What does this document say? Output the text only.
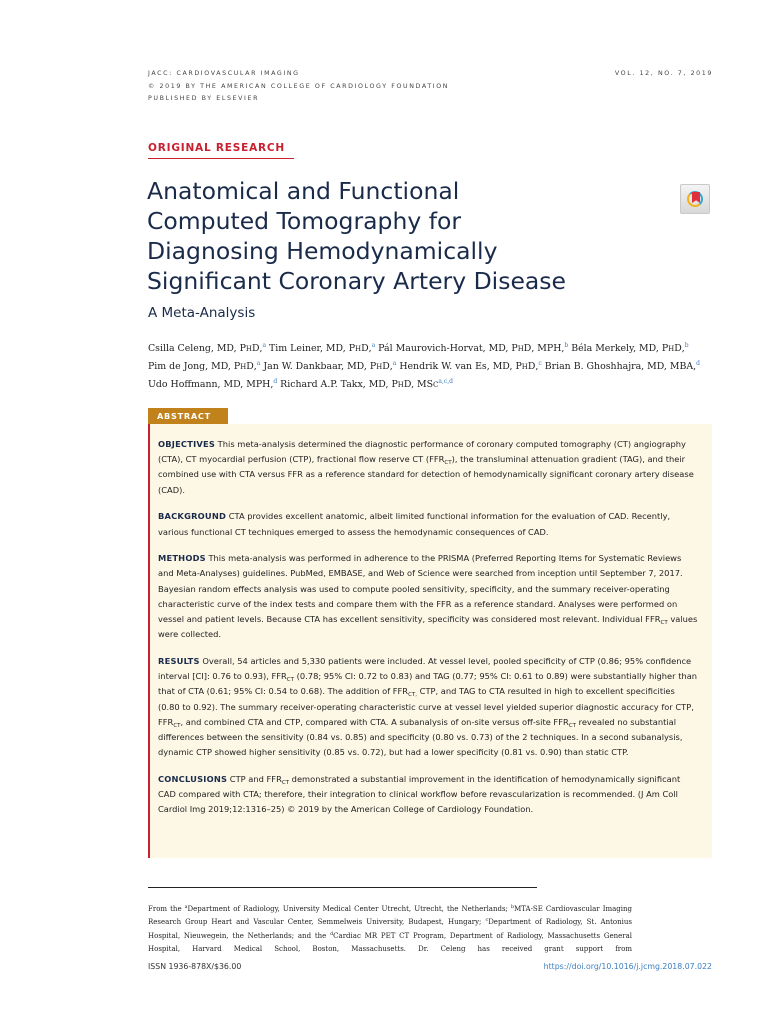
JACC: CARDIOVASCULAR IMAGING
© 2019 BY THE AMERICAN COLLEGE OF CARDIOLOGY FOUNDATION
PUBLISHED BY ELSEVIER
VOL. 12, NO. 7, 2019
ORIGINAL RESEARCH
Anatomical and Functional
Computed Tomography for
Diagnosing Hemodynamically
Significant Coronary Artery Disease
A Meta-Analysis
Csilla Celeng, MD, PhD,$^a$ Tim Leiner, MD, PhD,$^a$ Pál Maurovich-Horvat, MD, PhD, MPH,$^b$ Béla Merkely, MD, PhD,$^b$
Pim de Jong, MD, PhD,$^a$ Jan W. Dankbaar, MD, PhD,$^a$ Hendrik W. van Es, MD, PhD,$^c$ Brian B. Ghoshhajra, MD, MBA,$^d$
Udo Hoffmann, MD, MPH,$^d$ Richard A.P. Takx, MD, PhD, MSc$^{a,c,d}$
ABSTRACT

OBJECTIVES This meta-analysis determined the diagnostic performance of coronary computed tomography (CT) angiography (CTA), CT myocardial perfusion (CTP), fractional flow reserve CT $(FFR_{CT})$, the transluminal attenuation gradient (TAG), and their combined use with CTA versus FFR as a reference standard for detection of hemodynamically significant coronary artery disease (CAD).

BACKGROUND CTA provides excellent anatomic, albeit limited functional information for the evaluation of CAD. Recently, various functional CT techniques emerged to assess the hemodynamic consequences of CAD.

METHODS This meta-analysis was performed in adherence to the PRISMA (Preferred Reporting Items for Systematic Reviews and Meta-Analyses) guidelines. PubMed, EMBASE, and Web of Science were searched from inception until September 7, 2017. Bayesian random effects analysis was used to compute pooled sensitivity, specificity, and the summary receiver-operating characteristic curve of the index tests and compare them with the FFR as a reference standard. Analyses were performed on vessel and patient levels. Because CTA has excellent sensitivity, specificity was considered most relevant. Individual $FFR_{CT}$ values were collected.

RESULTS Overall, 54 articles and 5,330 patients were included. At vessel level, pooled specificity of CTP (0.86; 95% confidence interval [CI]: 0.76 to 0.93), $FFR_{CT}$ (0.78; 95% CI: 0.72 to 0.83) and TAG (0.77; 95% CI: 0.61 to 0.89) were substantially higher than that of CTA (0.61; 95% CI: 0.54 to 0.68). The addition of $FFR_{CT,}$ CTP, and TAG to CTA resulted in high to excellent specificities (0.80 to 0.92). The summary receiver-operating characteristic curve at vessel level yielded superior diagnostic accuracy for CTP, $FFR_{CT}$, and combined CTA and CTP, compared with CTA. A subanalysis of on-site versus off-site $FFR_{CT}$ revealed no substantial differences between the sensitivity (0.84 vs. 0.85) and specificity (0.80 vs. 0.73) of the 2 techniques. In a second subanalysis, dynamic CTP showed higher sensitivity (0.85 vs. 0.72), but had a lower specificity (0.81 vs. 0.90) than static CTP.

CONCLUSIONS CTP and $FFR_{CT}$ demonstrated a substantial improvement in the identification of hemodynamically significant CAD compared with CTA; therefore, their integration to clinical workflow before revascularization is recommended. (J Am Coll Cardiol Img 2019;12:1316–25) © 2019 by the American College of Cardiology Foundation.

From the $^a$Department of Radiology, University Medical Center Utrecht, Utrecht, the Netherlands; $^b$MTA-SE Cardiovascular Imaging Research Group Heart and Vascular Center, Semmelweis University, Budapest, Hungary; $^c$Department of Radiology, St. Antonius Hospital, Nieuwegein, the Netherlands; and the $^d$Cardiac MR PET CT Program, Department of Radiology, Massachusetts General Hospital, Harvard Medical School, Boston, Massachusetts. Dr. Celeng has received grant support from
ISSN 1936-878X/$36.00	https://doi.org/10.1016/j.jcmg.2018.07.022
